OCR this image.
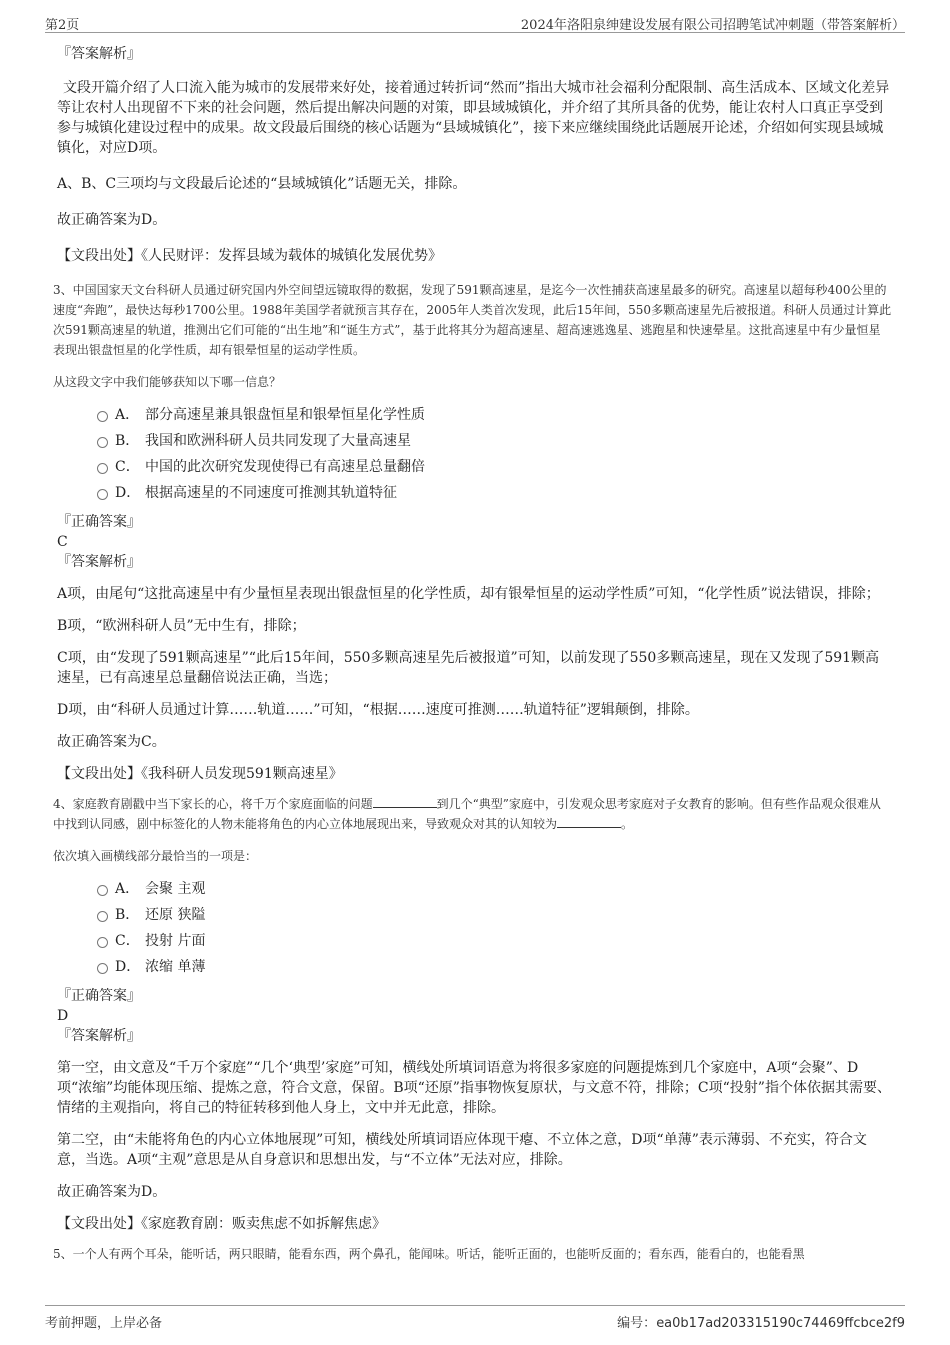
第2页	2024年洛阳泉绅建设发展有限公司招聘笔试冲刺题（带答案解析）
『答案解析』

文段开篇介绍了人口流入能为城市的发展带来好处，接着通过转折词“然而”指出大城市社会福利分配限制、高生活成本、区域文化差异等让农村人出现留不下来的社会问题，然后提出解决问题的对策，即县域城镇化，并介绍了其所具备的优势，能让农村人口真正享受到参与城镇化建设过程中的成果。故文段最后围绕的核心话题为“县域城镇化”，接下来应继续围绕此话题展开论述，介绍如何实现县域城镇化，对应D项。

A、B、C三项均与文段最后论述的“县域城镇化”话题无关，排除。

故正确答案为D。

【文段出处】《人民财评：发挥县域为载体的城镇化发展优势》

3、中国国家天文台科研人员通过研究国内外空间望远镜取得的数据，发现了591颗高速星，是迄今一次性捕获高速星最多的研究。高速星以超每秒400公里的速度“奔跑”，最快达每秒1700公里。1988年美国学者就预言其存在，2005年人类首次发现，此后15年间，550多颗高速星先后被报道。科研人员通过计算此次591颗高速星的轨道，推测出它们可能的“出生地”和“诞生方式”，基于此将其分为超高速星、超高速逃逸星、逃跑星和快速晕星。这批高速星中有少量恒星表现出银盘恒星的化学性质，却有银晕恒星的运动学性质。

从这段文字中我们能够获知以下哪一信息？

A． 部分高速星兼具银盘恒星和银晕恒星化学性质
B． 我国和欧洲科研人员共同发现了大量高速星
C． 中国的此次研究发现使得已有高速星总量翻倍
D． 根据高速星的不同速度可推测其轨道特征
『正确答案』
C
『答案解析』

A项，由尾句“这批高速星中有少量恒星表现出银盘恒星的化学性质，却有银晕恒星的运动学性质”可知，“化学性质”说法错误，排除；

B项，“欧洲科研人员”无中生有，排除；

C项，由“发现了591颗高速星”“此后15年间，550多颗高速星先后被报道”可知，以前发现了550多颗高速星，现在又发现了591颗高速星，已有高速星总量翻倍说法正确，当选；

D项，由“科研人员通过计算……轨道……”可知，“根据……速度可推测……轨道特征”逻辑颠倒，排除。

故正确答案为C。

【文段出处】《我科研人员发现591颗高速星》

4、家庭教育剧戳中当下家长的心，将千万个家庭面临的问题	到几个“典型”家庭中，引发观众思考家庭对子女教育的影响。但有些作品观众很难从中找到认同感，剧中标签化的人物未能将角色的内心立体地展现出来，导致观众对其的认知较为	。

依次填入画横线部分最恰当的一项是：

A． 会聚 主观
B． 还原 狭隘
C． 投射 片面
D． 浓缩 单薄
『正确答案』
D
『答案解析』

第一空，由文意及“千万个家庭”“几个‘典型’家庭”可知，横线处所填词语意为将很多家庭的问题提炼到几个家庭中，A项“会聚”、D项“浓缩”均能体现压缩、提炼之意，符合文意，保留。B项“还原”指事物恢复原状，与文意不符，排除；C项“投射”指个体依据其需要、情绪的主观指向，将自己的特征转移到他人身上，文中并无此意，排除。

第二空，由“未能将角色的内心立体地展现”可知，横线处所填词语应体现干瘪、不立体之意，D项“单薄”表示薄弱、不充实，符合文意，当选。A项“主观”意思是从自身意识和思想出发，与“不立体”无法对应，排除。

故正确答案为D。

【文段出处】《家庭教育剧：贩卖焦虑不如拆解焦虑》

5、一个人有两个耳朵，能听话，两只眼睛，能看东西，两个鼻孔，能闻味。听话，能听正面的，也能听反面的；看东西，能看白的，也能看黑

考前押题，上岸必备	编号：ea0b17ad203315190c74469ffcbce2f9
